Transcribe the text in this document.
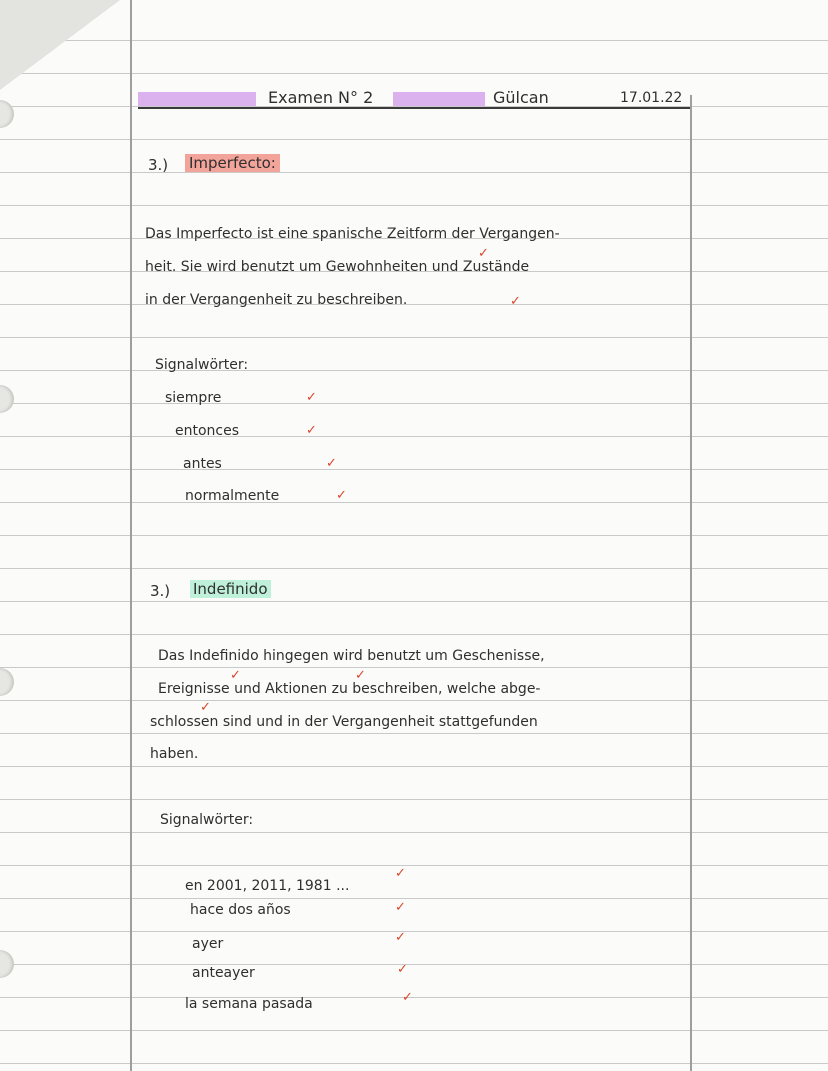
Examen N° 2	Gülcan	17.01.22
3.) Imperfecto:
Das Imperfecto ist eine spanische Zeitform der Vergangen-
heit. Sie wird benutzt um Gewohnheiten und Zustände
in der Vergangenheit zu beschreiben.
✓
✓
Signalwörter:
siempre
entonces
antes
normalmente
✓
✓
✓
✓
3.) Indefinido
Das Indefinido hingegen wird benutzt um Geschenisse,
Ereignisse und Aktionen zu beschreiben, welche abge-
schlossen sind und in der Vergangenheit stattgefunden
haben.
✓	✓
✓
Signalwörter:
en 2001, 2011, 1981 ...
hace dos años
ayer
anteayer
la semana pasada
✓
✓
✓
✓
✓
